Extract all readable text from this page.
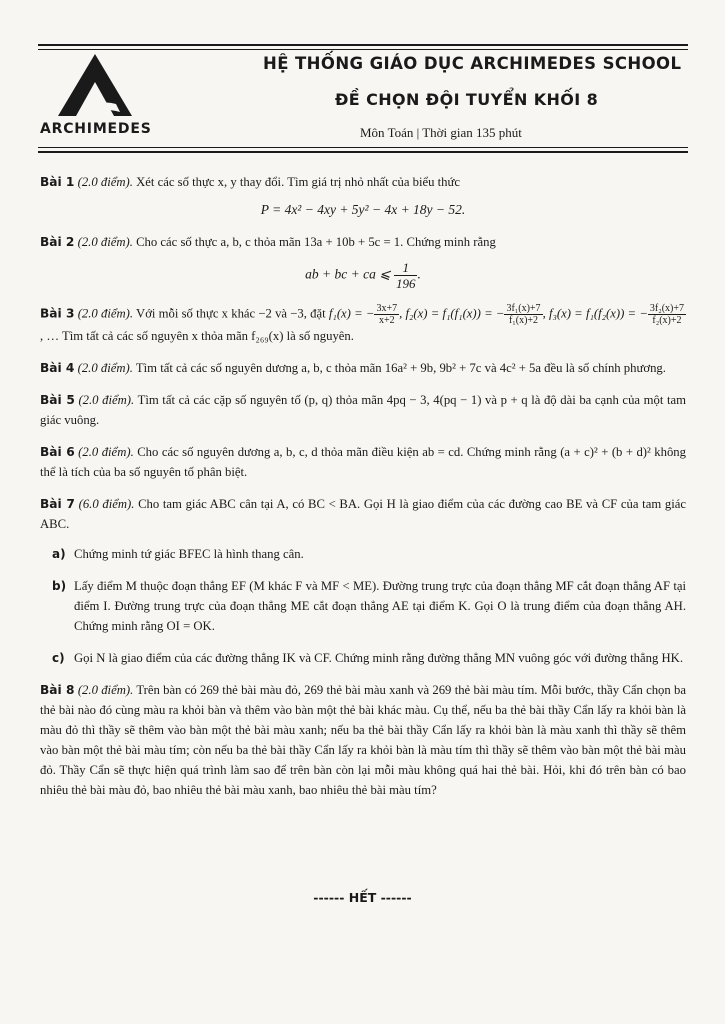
ARCHIMEDES
HỆ THỐNG GIÁO DỤC ARCHIMEDES SCHOOL
ĐỀ CHỌN ĐỘI TUYỂN KHỐI 8
Môn Toán | Thời gian 135 phút
Bài 1 (2.0 điểm). Xét các số thực x, y thay đổi. Tìm giá trị nhỏ nhất của biểu thức
P = 4x² − 4xy + 5y² − 4x + 18y − 52.
Bài 2 (2.0 điểm). Cho các số thực a, b, c thỏa mãn 13a + 10b + 5c = 1. Chứng minh rằng
ab + bc + ca ⩽ $\frac{1}{196}$ .
Bài 3 (2.0 điểm). Với mỗi số thực x khác −2 và −3, đặt f₁(x) = − $\frac{3x+7}{x+2}$ , f₂(x) = f₁(f₁(x)) = − $\frac{\text{3f₁(x)+7}}{\text{f₁(x)+2}}$ , f₃(x) = f₁(f₂(x)) = − $\frac{\text{3f₂(x)+7}}{\text{f₂(x)+2}}$
, … Tìm tất cả các số nguyên x thỏa mãn f₂₆₉(x) là số nguyên.
Bài 4 (2.0 điểm). Tìm tất cả các số nguyên dương a, b, c thỏa mãn 16a² + 9b, 9b² + 7c và 4c² + 5a đều là số chính phương.
Bài 5 (2.0 điểm). Tìm tất cả các cặp số nguyên tố (p, q) thỏa mãn 4pq − 3, 4(pq − 1) và p + q là độ dài ba cạnh của một tam giác vuông.
Bài 6 (2.0 điểm). Cho các số nguyên dương a, b, c, d thỏa mãn điều kiện ab = cd. Chứng minh rằng (a + c)² + (b + d)² không thể là tích của ba số nguyên tố phân biệt.
Bài 7 (6.0 điểm). Cho tam giác ABC cân tại A, có BC < BA. Gọi H là giao điểm của các đường cao BE và CF của tam giác ABC.
a) Chứng minh tứ giác BFEC là hình thang cân.
b) Lấy điểm M thuộc đoạn thẳng EF (M khác F và MF < ME). Đường trung trực của đoạn thẳng MF cắt đoạn thẳng AF tại điểm I. Đường trung trực của đoạn thẳng ME cắt đoạn thẳng AE tại điểm K. Gọi O là trung điểm của đoạn thẳng AH. Chứng minh rằng OI = OK.
c) Gọi N là giao điểm của các đường thẳng IK và CF. Chứng minh rằng đường thẳng MN vuông góc với đường thẳng HK.
Bài 8 (2.0 điểm). Trên bàn có 269 thẻ bài màu đỏ, 269 thẻ bài màu xanh và 269 thẻ bài màu tím. Mỗi bước, thầy Cẩn chọn ba thẻ bài nào đó cùng màu ra khỏi bàn và thêm vào bàn một thẻ bài khác màu. Cụ thể, nếu ba thẻ bài thầy Cẩn lấy ra khỏi bàn là màu đỏ thì thầy sẽ thêm vào bàn một thẻ bài màu xanh; nếu ba thẻ bài thầy Cẩn lấy ra khỏi bàn là màu xanh thì thầy sẽ thêm vào bàn một thẻ bài màu tím; còn nếu ba thẻ bài thầy Cẩn lấy ra khỏi bàn là màu tím thì thầy sẽ thêm vào bàn một thẻ bài màu đỏ. Thầy Cẩn sẽ thực hiện quá trình làm sao để trên bàn còn lại mỗi màu không quá hai thẻ bài. Hỏi, khi đó trên bàn có bao nhiêu thẻ bài màu đỏ, bao nhiêu thẻ bài màu xanh, bao nhiêu thẻ bài màu tím?
------ HẾT ------
